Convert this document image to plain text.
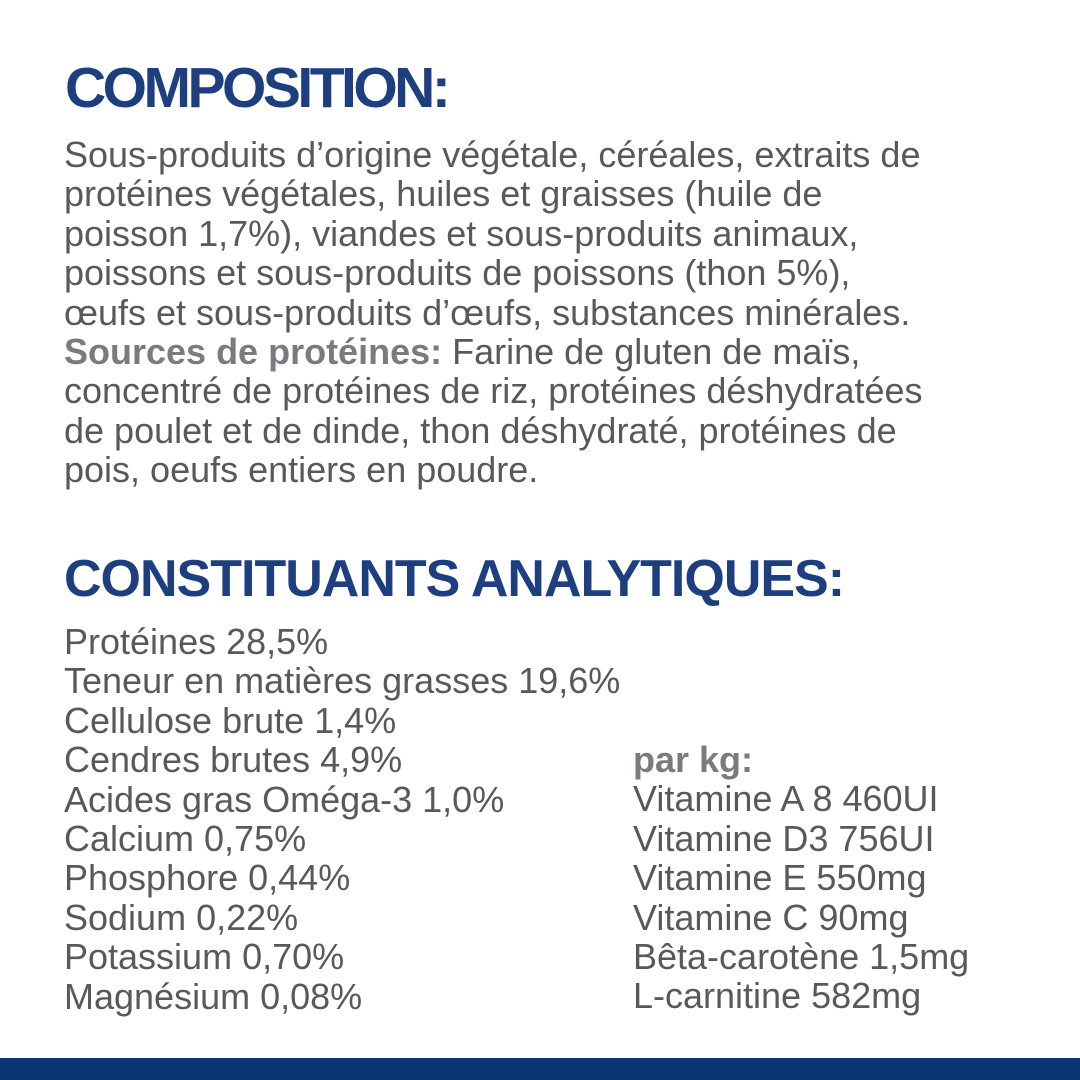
COMPOSITION:
Sous-produits d’origine végétale, céréales, extraits de
protéines végétales, huiles et graisses (huile de
poisson 1,7%), viandes et sous-produits animaux,
poissons et sous-produits de poissons (thon 5%),
œufs et sous-produits d’œufs, substances minérales.
Sources de protéines: Farine de gluten de maïs,
concentré de protéines de riz, protéines déshydratées
de poulet et de dinde, thon déshydraté, protéines de
pois, oeufs entiers en poudre.
CONSTITUANTS ANALYTIQUES:
Protéines 28,5%
Teneur en matières grasses 19,6%
Cellulose brute 1,4%
Cendres brutes 4,9%
Acides gras Oméga-3 1,0%
Calcium 0,75%
Phosphore 0,44%
Sodium 0,22%
Potassium 0,70%
Magnésium 0,08%
par kg:
Vitamine A 8 460UI
Vitamine D3 756UI
Vitamine E 550mg
Vitamine C 90mg
Bêta-carotène 1,5mg
L-carnitine 582mg
